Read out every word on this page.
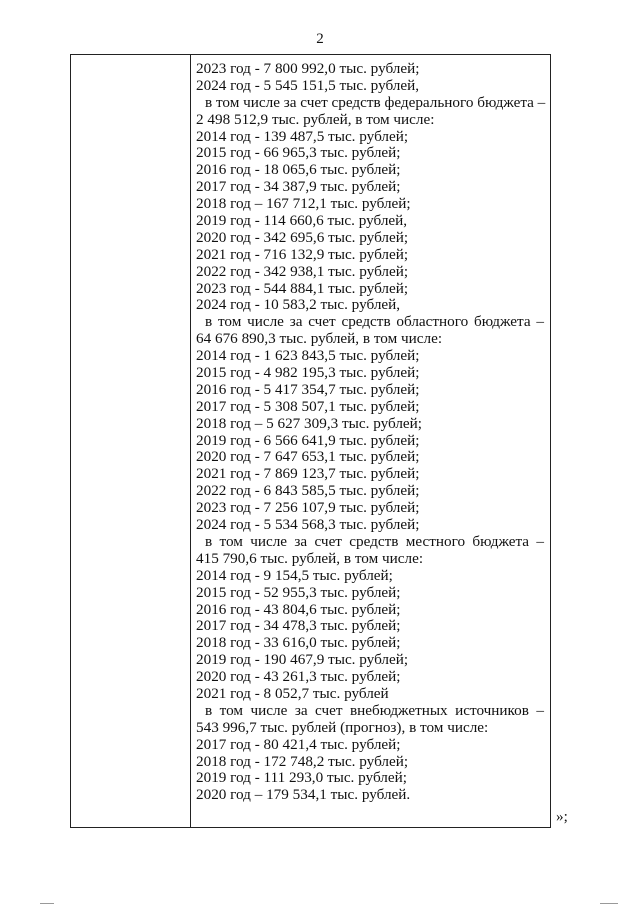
2
2023 год - 7 800 992,0 тыс. рублей;
2024 год - 5 545 151,5 тыс. рублей,
в том числе за счет средств федерального бюджета –
2 498 512,9 тыс. рублей, в том числе:
2014 год - 139 487,5 тыс. рублей;
2015 год - 66 965,3 тыс. рублей;
2016 год - 18 065,6 тыс. рублей;
2017 год - 34 387,9 тыс. рублей;
2018 год – 167 712,1 тыс. рублей;
2019 год - 114 660,6 тыс. рублей,
2020 год - 342 695,6 тыс. рублей;
2021 год - 716 132,9 тыс. рублей;
2022 год - 342 938,1 тыс. рублей;
2023 год - 544 884,1 тыс. рублей;
2024 год - 10 583,2 тыс. рублей,
в том числе за счет средств областного бюджета –
64 676 890,3 тыс. рублей, в том числе:
2014 год - 1 623 843,5 тыс. рублей;
2015 год - 4 982 195,3 тыс. рублей;
2016 год - 5 417 354,7 тыс. рублей;
2017 год - 5 308 507,1 тыс. рублей;
2018 год – 5 627 309,3 тыс. рублей;
2019 год - 6 566 641,9 тыс. рублей;
2020 год - 7 647 653,1 тыс. рублей;
2021 год - 7 869 123,7 тыс. рублей;
2022 год - 6 843 585,5 тыс. рублей;
2023 год - 7 256 107,9 тыс. рублей;
2024 год - 5 534 568,3 тыс. рублей;
в том числе за счет средств местного бюджета –
415 790,6 тыс. рублей, в том числе:
2014 год - 9 154,5 тыс. рублей;
2015 год - 52 955,3 тыс. рублей;
2016 год - 43 804,6 тыс. рублей;
2017 год - 34 478,3 тыс. рублей;
2018 год - 33 616,0 тыс. рублей;
2019 год - 190 467,9 тыс. рублей;
2020 год - 43 261,3 тыс. рублей;
2021 год - 8 052,7 тыс. рублей
в том числе за счет внебюджетных источников –
543 996,7 тыс. рублей (прогноз), в том числе:
2017 год - 80 421,4 тыс. рублей;
2018 год - 172 748,2 тыс. рублей;
2019 год - 111 293,0 тыс. рублей;
2020 год – 179 534,1 тыс. рублей.
»;
